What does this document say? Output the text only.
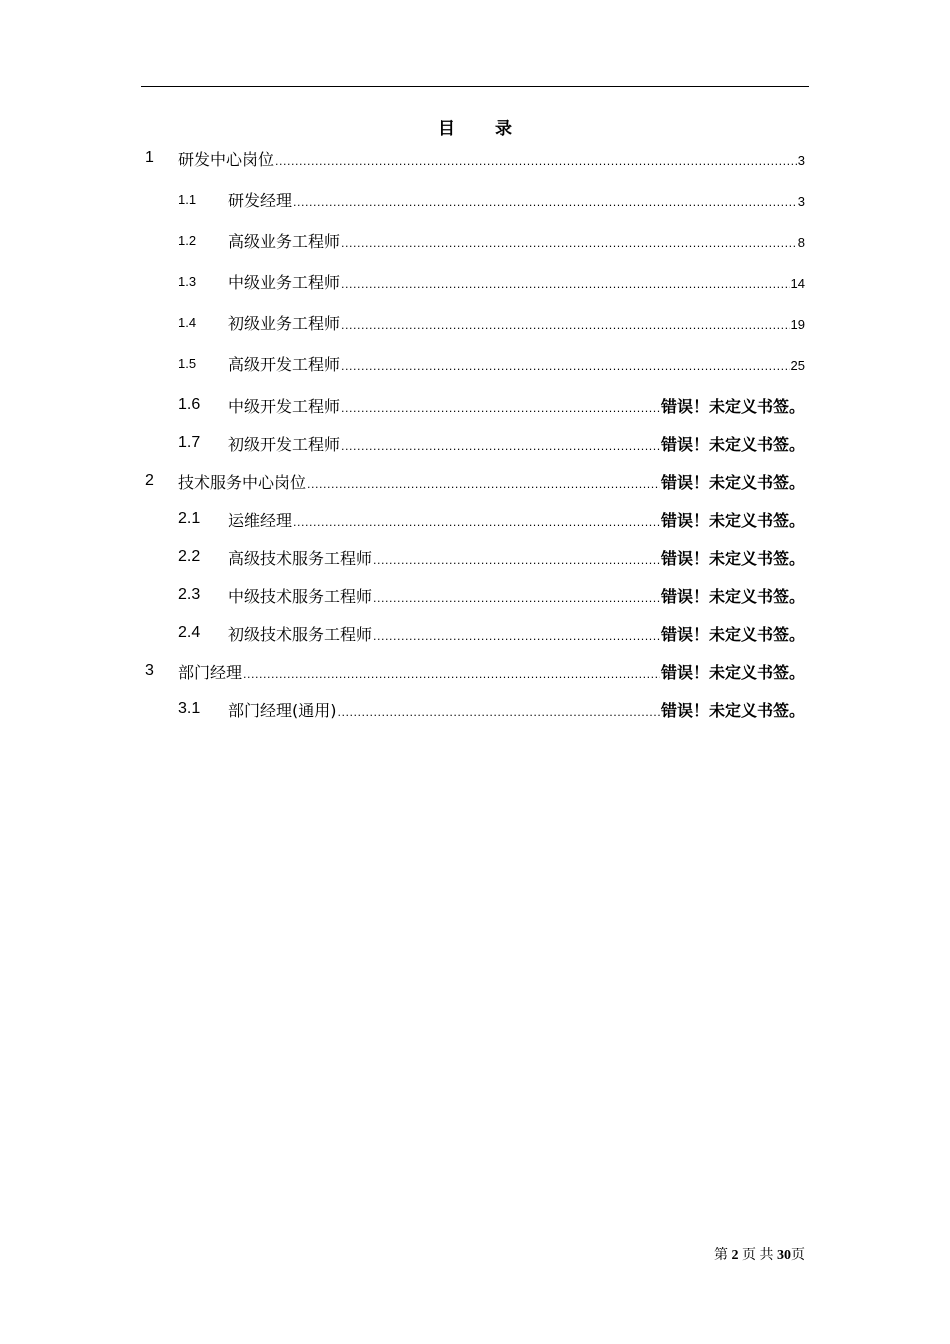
目 录
1 研发中心岗位 .....	3
1.1 研发经理 .....	3
1.2 高级业务工程师 .....	8
1.3 中级业务工程师 .....	14
1.4 初级业务工程师 .....	19
1.5 高级开发工程师 .....	25
1.6 中级开发工程师 .....	错误！未定义书签。
1.7 初级开发工程师 .....	错误！未定义书签。
2 技术服务中心岗位 .....	错误！未定义书签。
2.1 运维经理 .....	错误！未定义书签。
2.2 高级技术服务工程师 .....	错误！未定义书签。
2.3 中级技术服务工程师 .....	错误！未定义书签。
2.4 初级技术服务工程师 .....	错误！未定义书签。
3 部门经理 .....	错误！未定义书签。
3.1 部门经理(通用) .....	错误！未定义书签。
第 2 页 共 30页
